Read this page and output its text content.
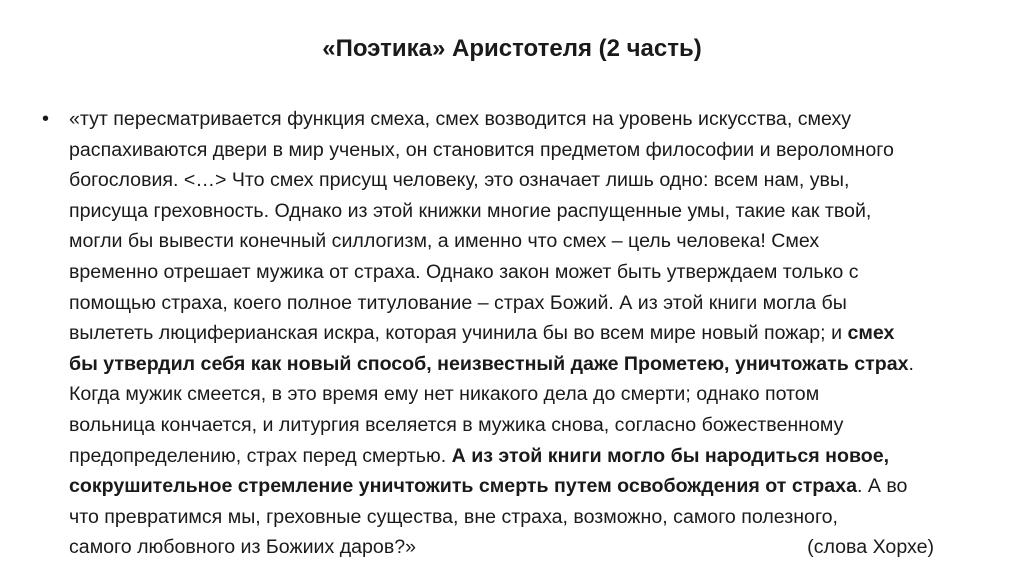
«Поэтика» Аристотеля (2 часть)
• «тут пересматривается функция смеха, смех возводится на уровень искусства, смеху
распахиваются двери в мир ученых, он становится предметом философии и вероломного
богословия. <…> Что смех присущ человеку, это означает лишь одно: всем нам, увы,
присуща греховность. Однако из этой книжки многие распущенные умы, такие как твой,
могли бы вывести конечный силлогизм, а именно что смех – цель человека! Смех
временно отрешает мужика от страха. Однако закон может быть утверждаем только с
помощью страха, коего полное титулование – страх Божий. А из этой книги могла бы
вылететь люциферианская искра, которая учинила бы во всем мире новый пожар; и смех
бы утвердил себя как новый способ, неизвестный даже Прометею, уничтожать страх.
Когда мужик смеется, в это время ему нет никакого дела до смерти; однако потом
вольница кончается, и литургия вселяется в мужика снова, согласно божественному
предопределению, страх перед смертью. А из этой книги могло бы народиться новое,
сокрушительное стремление уничтожить смерть путем освобождения от страха. А во
что превратимся мы, греховные существа, вне страха, возможно, самого полезного,
самого любовного из Божиих даров?»	(слова Хорхе)
